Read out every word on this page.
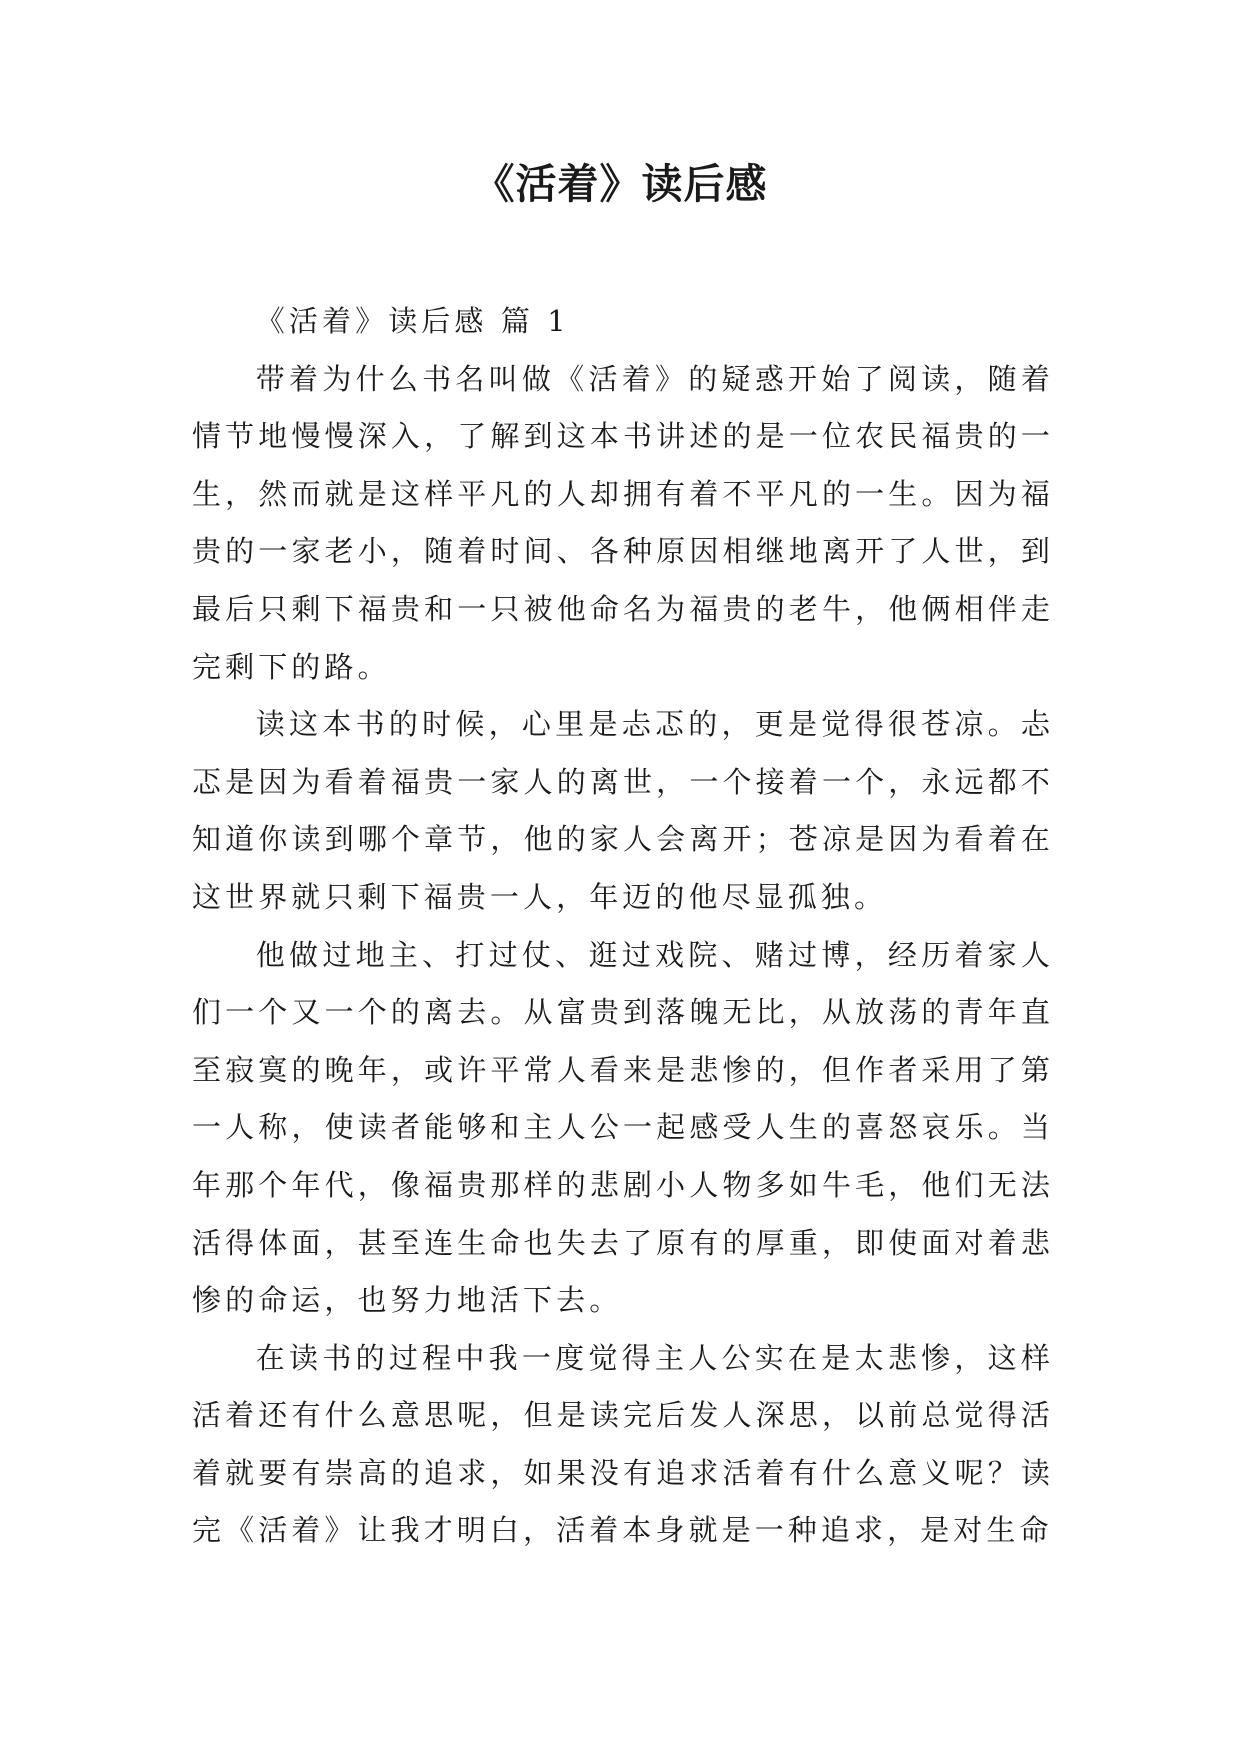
《活着》读后感

《活着》读后感 篇 1

带着为什么书名叫做《活着》的疑惑开始了阅读，随着情节地慢慢深入，了解到这本书讲述的是一位农民福贵的一生，然而就是这样平凡的人却拥有着不平凡的一生。因为福贵的一家老小，随着时间、各种原因相继地离开了人世，到最后只剩下福贵和一只被他命名为福贵的老牛，他俩相伴走完剩下的路。

读这本书的时候，心里是忐忑的，更是觉得很苍凉。忐忑是因为看着福贵一家人的离世，一个接着一个，永远都不知道你读到哪个章节，他的家人会离开；苍凉是因为看着在这世界就只剩下福贵一人，年迈的他尽显孤独。

他做过地主、打过仗、逛过戏院、赌过博，经历着家人们一个又一个的离去。从富贵到落魄无比，从放荡的青年直至寂寞的晚年，或许平常人看来是悲惨的，但作者采用了第一人称，使读者能够和主人公一起感受人生的喜怒哀乐。当年那个年代，像福贵那样的悲剧小人物多如牛毛，他们无法活得体面，甚至连生命也失去了原有的厚重，即使面对着悲惨的命运，也努力地活下去。

在读书的过程中我一度觉得主人公实在是太悲惨，这样活着还有什么意思呢，但是读完后发人深思，以前总觉得活着就要有崇高的追求，如果没有追求活着有什么意义呢？读完《活着》让我才明白，活着本身就是一种追求，是对生命
